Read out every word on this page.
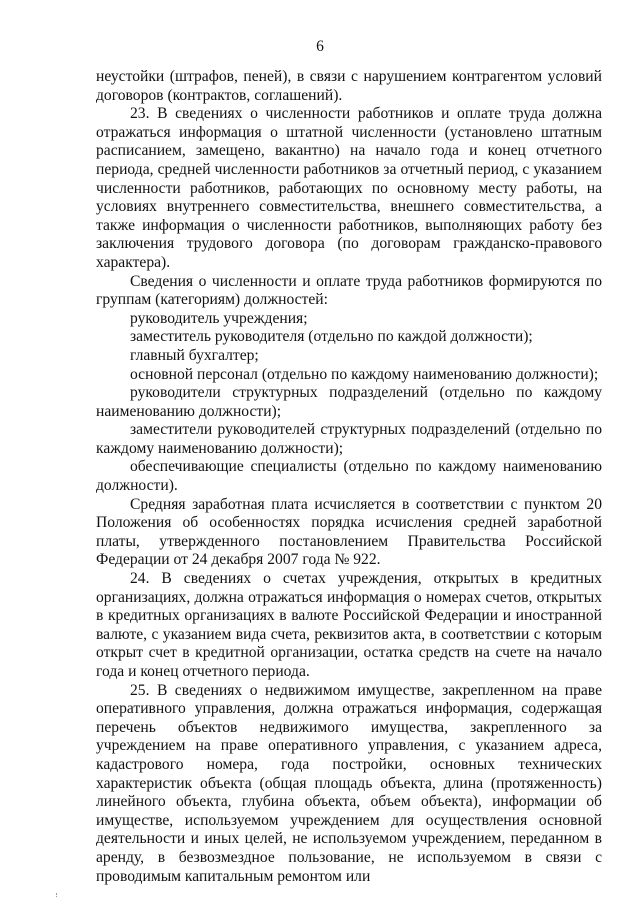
6

неустойки (штрафов, пеней), в связи с нарушением контрагентом условий договоров (контрактов, соглашений).

23. В сведениях о численности работников и оплате труда должна отражаться информация о штатной численности (установлено штатным расписанием, замещено, вакантно) на начало года и конец отчетного периода, средней численности работников за отчетный период, с указанием численности работников, работающих по основному месту работы, на условиях внутреннего совместительства, внешнего совместительства, а также информация о численности работников, выполняющих работу без заключения трудового договора (по договорам гражданско-правового характера).

Сведения о численности и оплате труда работников формируются по группам (категориям) должностей:

руководитель учреждения;

заместитель руководителя (отдельно по каждой должности);

главный бухгалтер;

основной персонал (отдельно по каждому наименованию должности);

руководители структурных подразделений (отдельно по каждому наименованию должности);

заместители руководителей структурных подразделений (отдельно по каждому наименованию должности);

обеспечивающие специалисты (отдельно по каждому наименованию должности).

Средняя заработная плата исчисляется в соответствии с пунктом 20 Положения об особенностях порядка исчисления средней заработной платы, утвержденного постановлением Правительства Российской Федерации от 24 декабря 2007 года № 922.

24. В сведениях о счетах учреждения, открытых в кредитных организациях, должна отражаться информация о номерах счетов, открытых в кредитных организациях в валюте Российской Федерации и иностранной валюте, с указанием вида счета, реквизитов акта, в соответствии с которым открыт счет в кредитной организации, остатка средств на счете на начало года и конец отчетного периода.

25. В сведениях о недвижимом имуществе, закрепленном на праве оперативного управления, должна отражаться информация, содержащая перечень объектов недвижимого имущества, закрепленного за учреждением на праве оперативного управления, с указанием адреса, кадастрового номера, года постройки, основных технических характеристик объекта (общая площадь объекта, длина (протяженность) линейного объекта, глубина объекта, объем объекта), информации об имуществе, используемом учреждением для осуществления основной деятельности и иных целей, не используемом учреждением, переданном в аренду, в безвозмездное пользование, не используемом в связи с проводимым капитальным ремонтом или
